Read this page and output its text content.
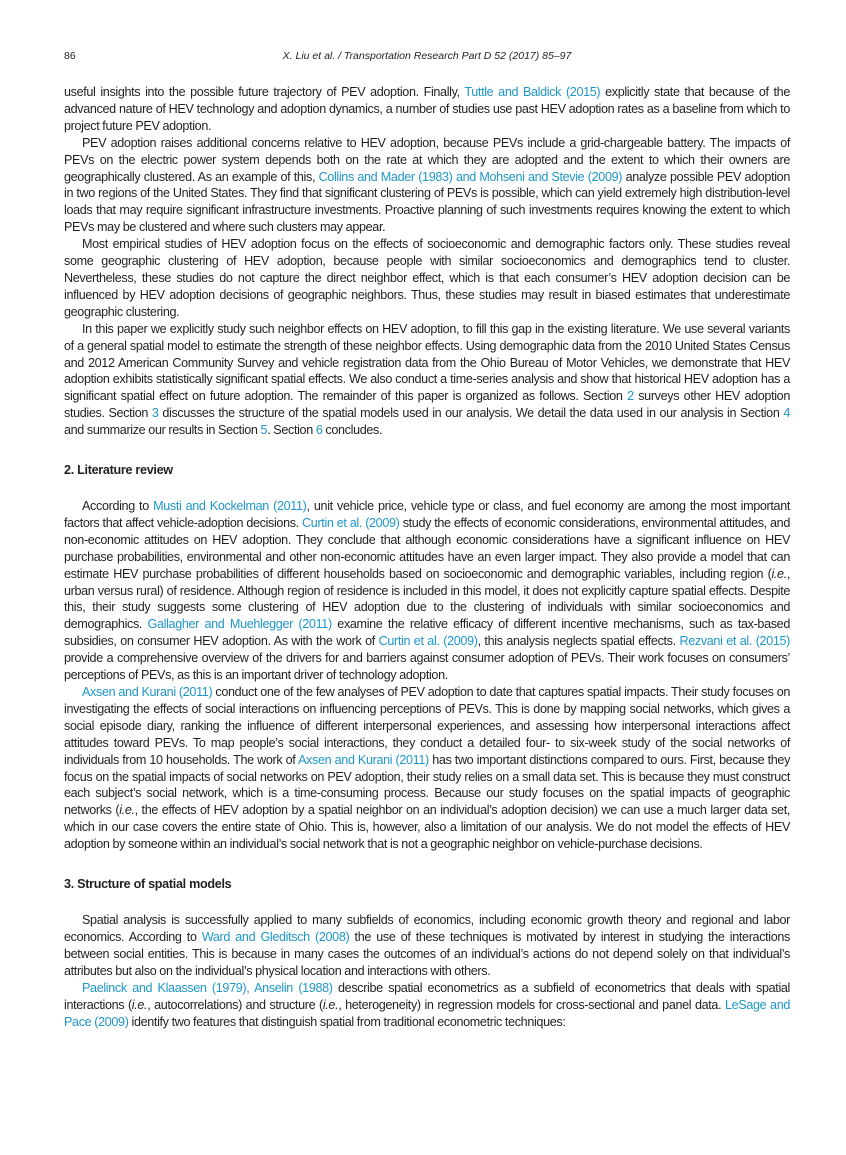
86	X. Liu et al. / Transportation Research Part D 52 (2017) 85–97

useful insights into the possible future trajectory of PEV adoption. Finally, Tuttle and Baldick (2015) explicitly state that because of the advanced nature of HEV technology and adoption dynamics, a number of studies use past HEV adoption rates as a baseline from which to project future PEV adoption.

PEV adoption raises additional concerns relative to HEV adoption, because PEVs include a grid-chargeable battery. The impacts of PEVs on the electric power system depends both on the rate at which they are adopted and the extent to which their owners are geographically clustered. As an example of this, Collins and Mader (1983) and Mohseni and Stevie (2009) analyze possible PEV adoption in two regions of the United States. They find that significant clustering of PEVs is possible, which can yield extremely high distribution-level loads that may require significant infrastructure investments. Proactive planning of such investments requires knowing the extent to which PEVs may be clustered and where such clusters may appear.

Most empirical studies of HEV adoption focus on the effects of socioeconomic and demographic factors only. These studies reveal some geographic clustering of HEV adoption, because people with similar socioeconomics and demographics tend to cluster. Nevertheless, these studies do not capture the direct neighbor effect, which is that each consumer’s HEV adoption decision can be influenced by HEV adoption decisions of geographic neighbors. Thus, these studies may result in biased estimates that underestimate geographic clustering.

In this paper we explicitly study such neighbor effects on HEV adoption, to fill this gap in the existing literature. We use several variants of a general spatial model to estimate the strength of these neighbor effects. Using demographic data from the 2010 United States Census and 2012 American Community Survey and vehicle registration data from the Ohio Bureau of Motor Vehicles, we demonstrate that HEV adoption exhibits statistically significant spatial effects. We also conduct a time-series analysis and show that historical HEV adoption has a significant spatial effect on future adoption. The remainder of this paper is organized as follows. Section 2 surveys other HEV adoption studies. Section 3 discusses the structure of the spatial models used in our analysis. We detail the data used in our analysis in Section 4 and summarize our results in Section 5. Section 6 concludes.

2. Literature review

According to Musti and Kockelman (2011), unit vehicle price, vehicle type or class, and fuel economy are among the most important factors that affect vehicle-adoption decisions. Curtin et al. (2009) study the effects of economic considerations, environmental attitudes, and non-economic attitudes on HEV adoption. They conclude that although economic considerations have a significant influence on HEV purchase probabilities, environmental and other non-economic attitudes have an even larger impact. They also provide a model that can estimate HEV purchase probabilities of different households based on socioeconomic and demographic variables, including region (i.e., urban versus rural) of residence. Although region of residence is included in this model, it does not explicitly capture spatial effects. Despite this, their study suggests some clustering of HEV adoption due to the clustering of individuals with similar socioeconomics and demographics. Gallagher and Muehlegger (2011) examine the relative efficacy of different incentive mechanisms, such as tax-based subsidies, on consumer HEV adoption. As with the work of Curtin et al. (2009), this analysis neglects spatial effects. Rezvani et al. (2015) provide a comprehensive overview of the drivers for and barriers against consumer adoption of PEVs. Their work focuses on consumers’ perceptions of PEVs, as this is an important driver of technology adoption.

Axsen and Kurani (2011) conduct one of the few analyses of PEV adoption to date that captures spatial impacts. Their study focuses on investigating the effects of social interactions on influencing perceptions of PEVs. This is done by mapping social networks, which gives a social episode diary, ranking the influence of different interpersonal experiences, and assessing how interpersonal interactions affect attitudes toward PEVs. To map people’s social interactions, they conduct a detailed four- to six-week study of the social networks of individuals from 10 households. The work of Axsen and Kurani (2011) has two important distinctions compared to ours. First, because they focus on the spatial impacts of social networks on PEV adoption, their study relies on a small data set. This is because they must construct each subject’s social network, which is a time-consuming process. Because our study focuses on the spatial impacts of geographic networks (i.e., the effects of HEV adoption by a spatial neighbor on an individual’s adoption decision) we can use a much larger data set, which in our case covers the entire state of Ohio. This is, however, also a limitation of our analysis. We do not model the effects of HEV adoption by someone within an individual’s social network that is not a geographic neighbor on vehicle-purchase decisions.

3. Structure of spatial models

Spatial analysis is successfully applied to many subfields of economics, including economic growth theory and regional and labor economics. According to Ward and Gleditsch (2008) the use of these techniques is motivated by interest in studying the interactions between social entities. This is because in many cases the outcomes of an individual’s actions do not depend solely on that individual’s attributes but also on the individual’s physical location and interactions with others.

Paelinck and Klaassen (1979), Anselin (1988) describe spatial econometrics as a subfield of econometrics that deals with spatial interactions (i.e., autocorrelations) and structure (i.e., heterogeneity) in regression models for cross-sectional and panel data. LeSage and Pace (2009) identify two features that distinguish spatial from traditional econometric techniques:
